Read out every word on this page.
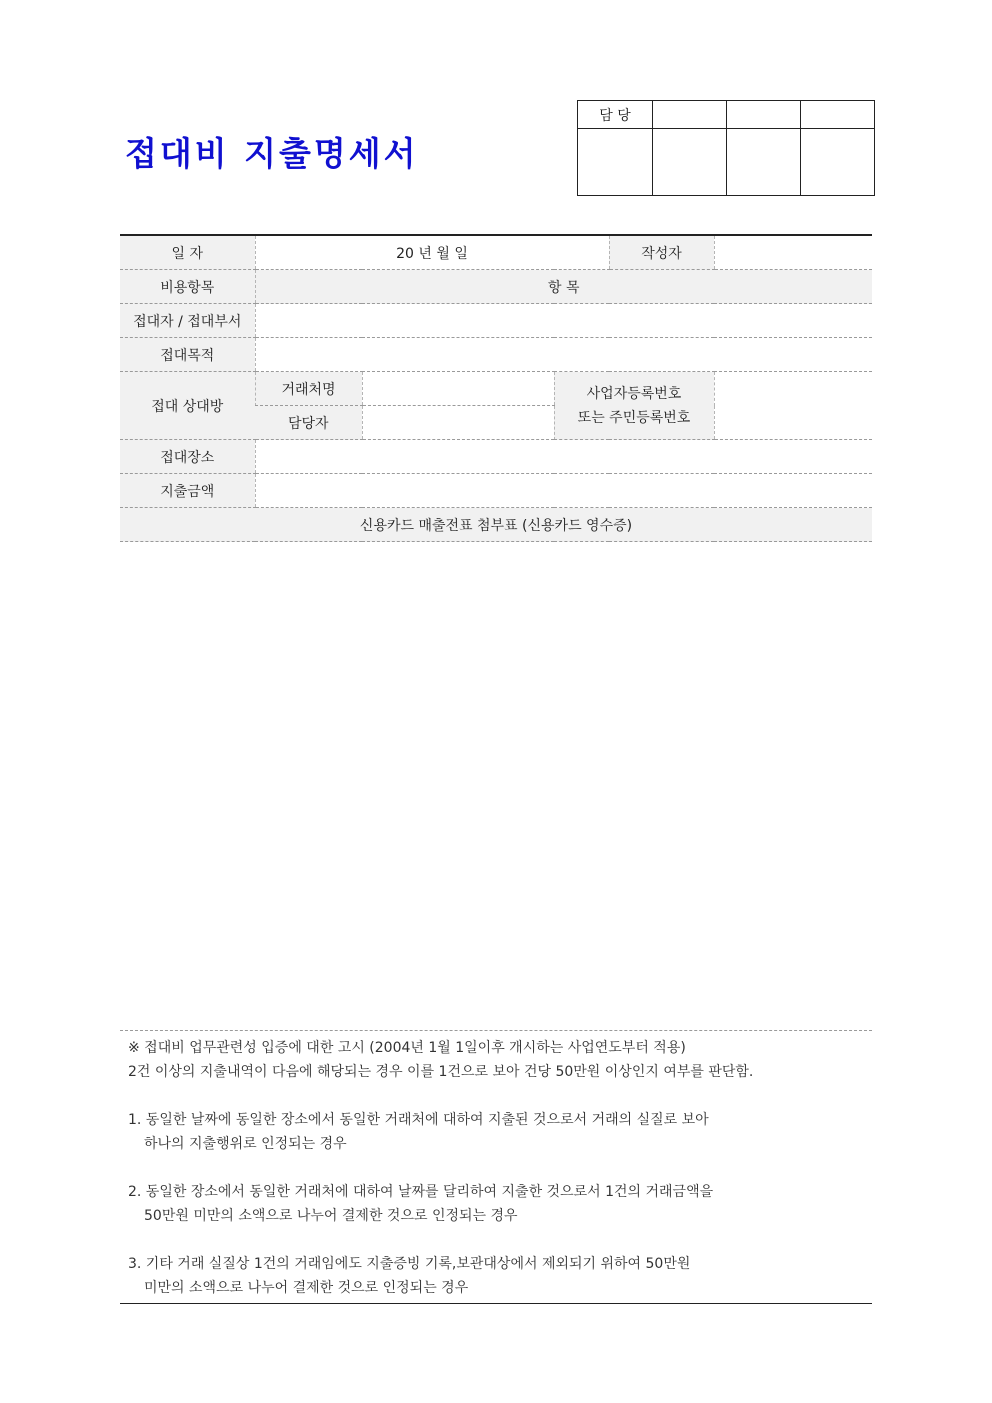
접대비 지출명세서
담 당			

일 자	20 년 월 일			작성자	
비용항목	항 목				
접대자 / 접대부서					
접대목적					
접대 상대방	거래처명		사업자등록번호
또는 주민등록번호		

	담당자				
접대장소					
지출금액					
신용카드 매출전표 첨부표 (신용카드 영수증)					

※ 접대비 업무관련성 입증에 대한 고시 (2004년 1월 1일이후 개시하는 사업연도부터 적용)

2건 이상의 지출내역이 다음에 해당되는 경우 이를 1건으로 보아 건당 50만원 이상인지 여부를 판단함.

1. 동일한 날짜에 동일한 장소에서 동일한 거래처에 대하여 지출된 것으로서 거래의 실질로 보아

하나의 지출행위로 인정되는 경우

2. 동일한 장소에서 동일한 거래처에 대하여 날짜를 달리하여 지출한 것으로서 1건의 거래금액을

50만원 미만의 소액으로 나누어 결제한 것으로 인정되는 경우

3. 기타 거래 실질상 1건의 거래임에도 지출증빙 기록,보관대상에서 제외되기 위하여 50만원

미만의 소액으로 나누어 결제한 것으로 인정되는 경우
